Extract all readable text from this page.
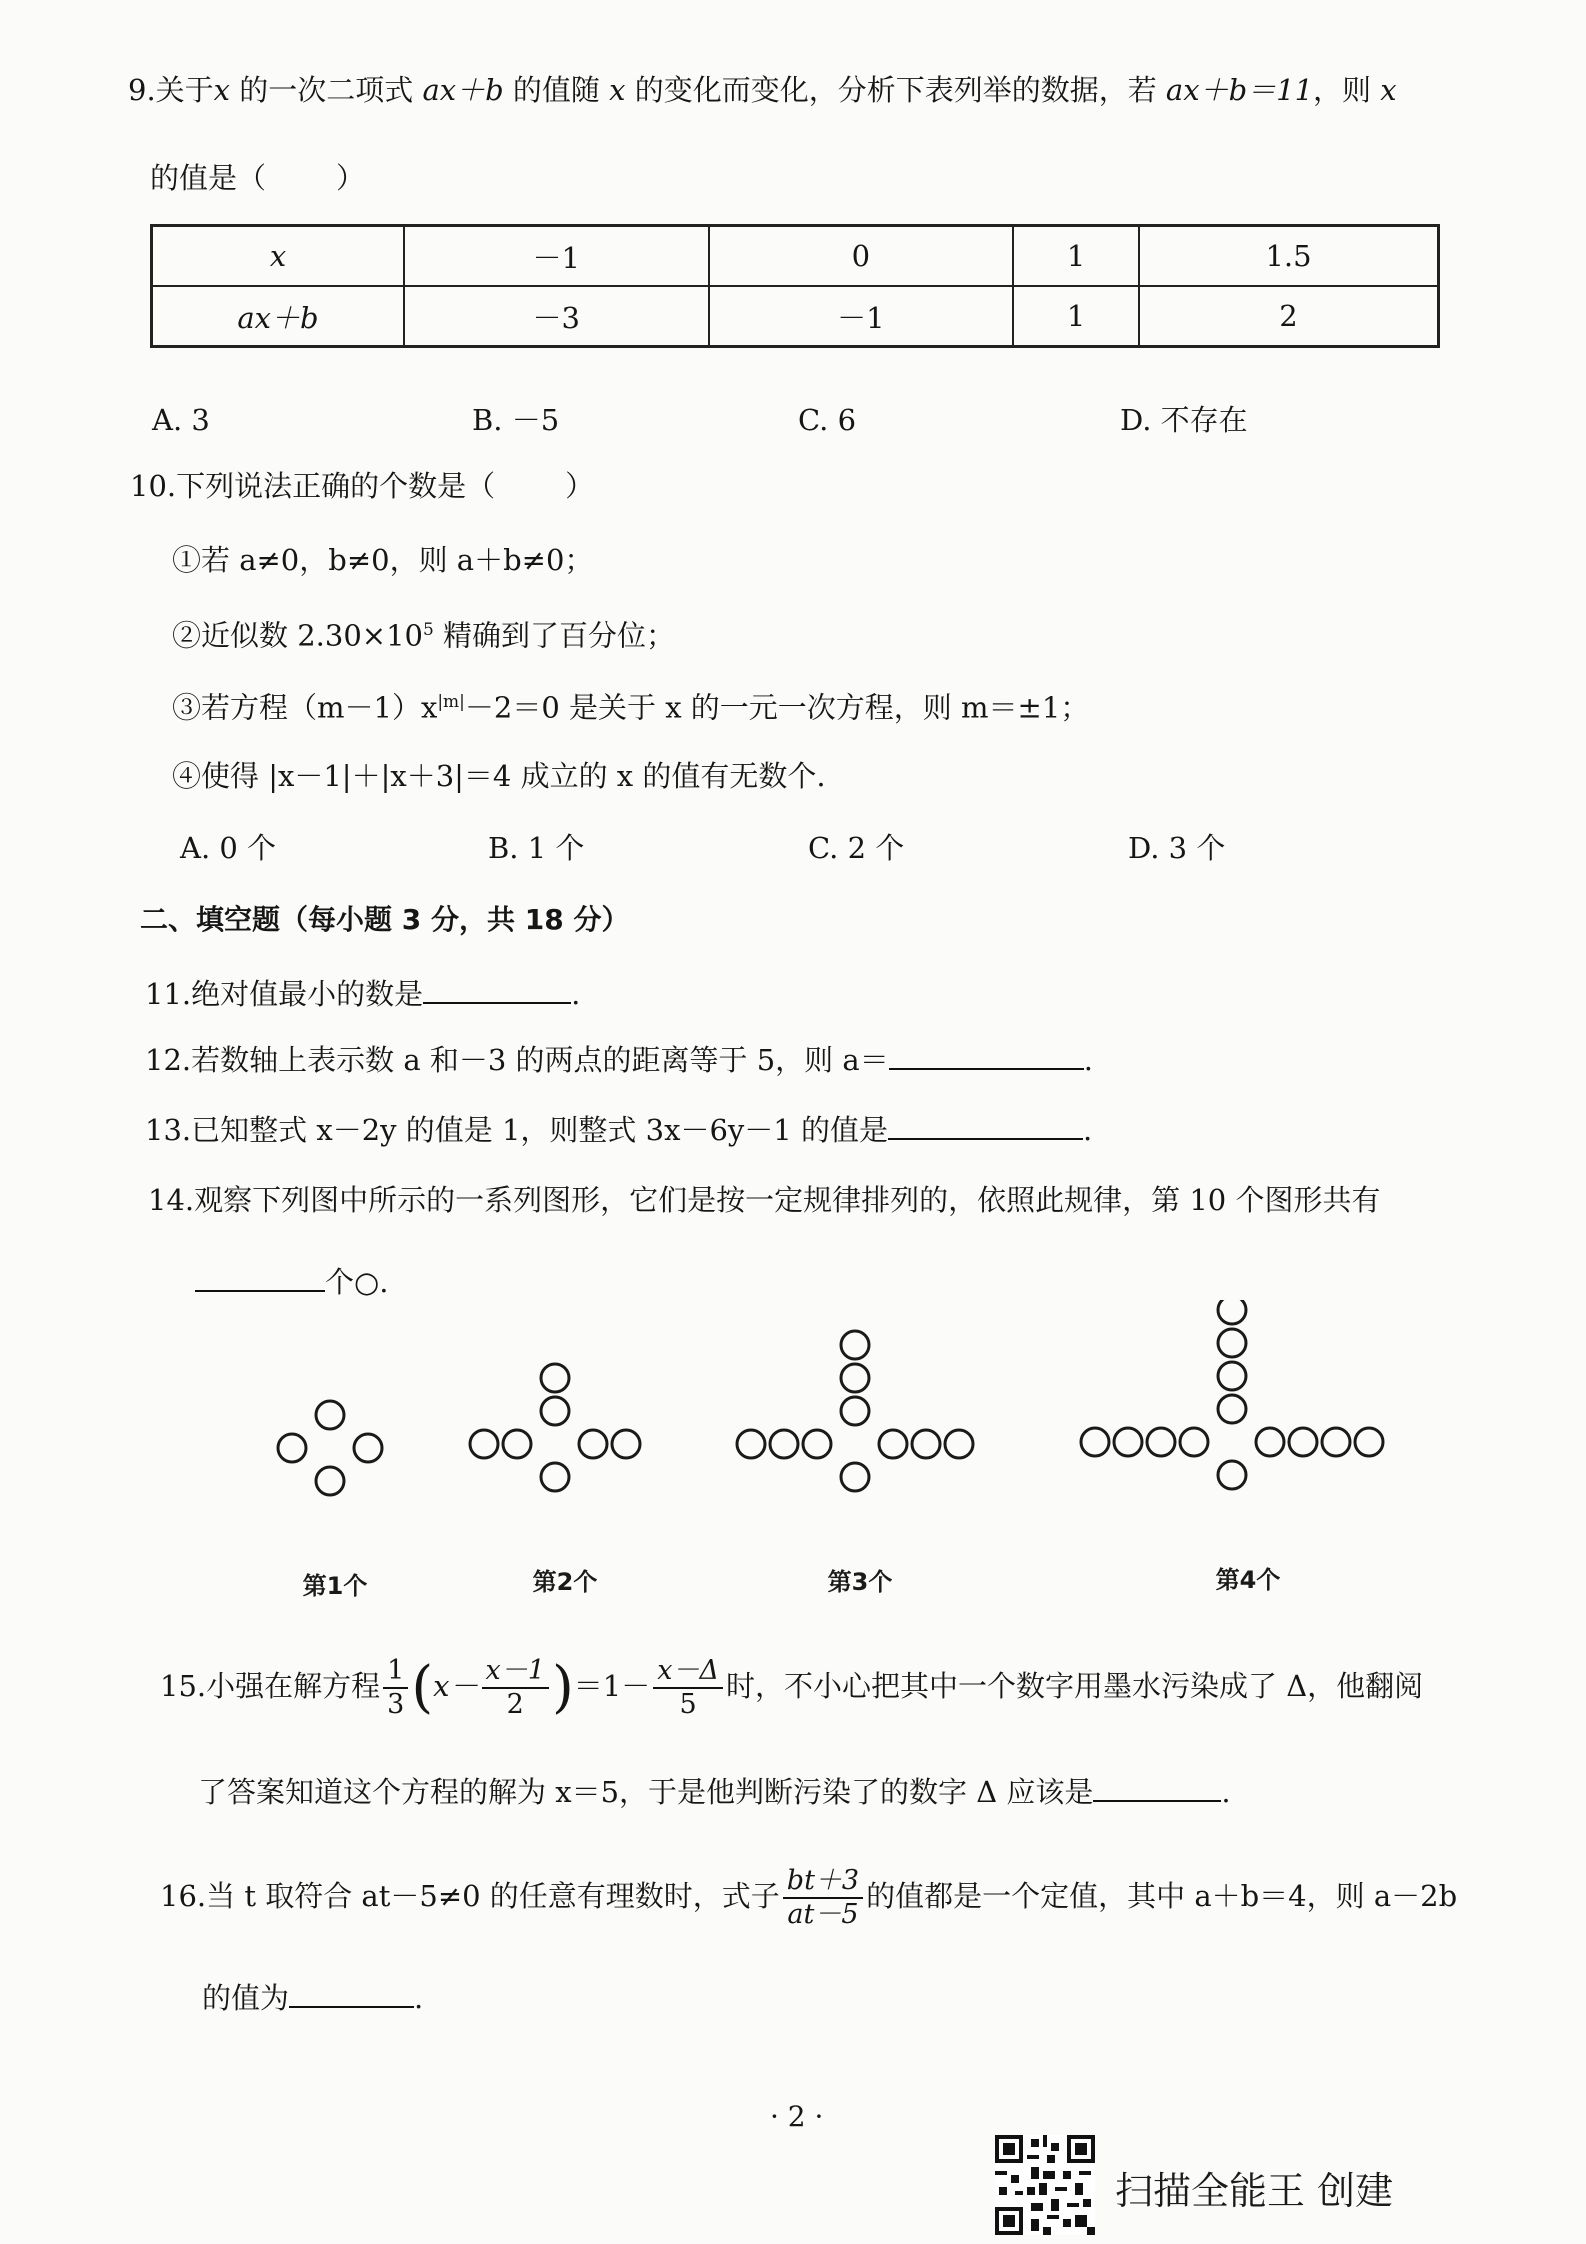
9.关于x 的一次二项式 ax＋b 的值随 x 的变化而变化，分析下表列举的数据，若 ax＋b＝11，则 x
的值是（ ）
x	－1	0	1	1.5
ax＋b	－3	－1	1	2
A. 3	B. －5	C. 6	D. 不存在
10.下列说法正确的个数是（ ）
①若 a≠0，b≠0，则 a＋b≠0；
②近似数 $2.30\times 10^5$ 精确到了百分位；
③若方程$(m-1)x^{|m|}-2=0$ 是关于 x 的一元一次方程，则 m＝±1；
④使得 |x－1|＋|x＋3|＝4 成立的 x 的值有无数个.
A. 0 个	B. 1 个	C. 2 个	D. 3 个
二、填空题（每小题 3 分，共 18 分）
11.绝对值最小的数是	.
12.若数轴上表示数 a 和－3 的两点的距离等于 5，则 a＝	.
13.已知整式 x－2y 的值是 1，则整式 3x－6y－1 的值是	.
14.观察下列图中所示的一系列图形，它们是按一定规律排列的，依照此规律，第 10 个图形共有
个○.
第1个	第2个	第3个	第4个
15.小强在解方程 $\frac{1}{3} (x- \frac{x-1}{2} )=1- \frac{x-\Delta}{5}$ 时，不小心把其中一个数字用墨水污染成了 Δ，他翻阅
了答案知道这个方程的解为 x＝5，于是他判断污染了的数字 Δ 应该是	.
16.当 t 取符合 at－5≠0 的任意有理数时，式子 $\frac{bt+3}{at-5}$ 的值都是一个定值，其中 a＋b＝4，则 a－2b
的值为	.
· 2 ·
扫描全能王 创建
